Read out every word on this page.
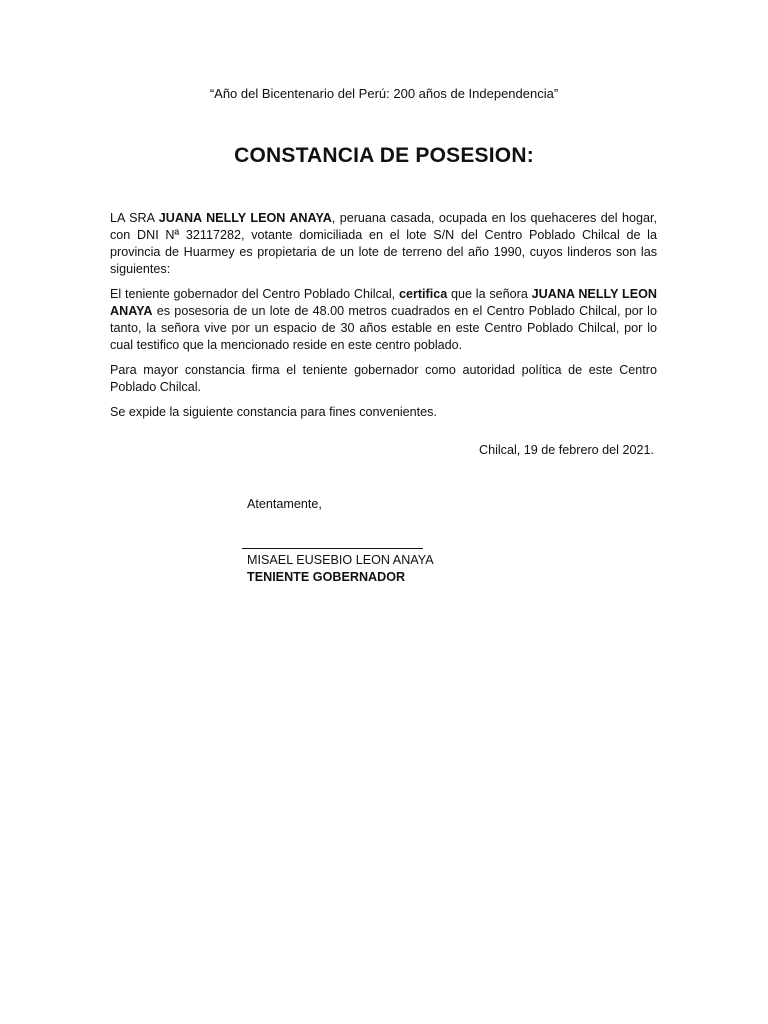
“Año del Bicentenario del Perú: 200 años de Independencia”
CONSTANCIA DE POSESION:

LA SRA JUANA NELLY LEON ANAYA, peruana casada, ocupada en los quehaceres del hogar, con DNI Nª 32117282, votante domiciliada en el lote S/N del Centro Poblado Chilcal de la provincia de Huarmey es propietaria de un lote de terreno del año 1990, cuyos linderos son las siguientes:

El teniente gobernador del Centro Poblado Chilcal, certifica que la señora JUANA NELLY LEON ANAYA es posesoria de un lote de 48.00 metros cuadrados en el Centro Poblado Chilcal, por lo tanto, la señora vive por un espacio de 30 años estable en este Centro Poblado Chilcal, por lo cual testifico que la mencionado reside en este centro poblado.

Para mayor constancia firma el teniente gobernador como autoridad política de este Centro Poblado Chilcal.

Se expide la siguiente constancia para fines convenientes.

Chilcal, 19 de febrero del 2021.
Atentamente,
MISAEL EUSEBIO LEON ANAYA
TENIENTE GOBERNADOR
